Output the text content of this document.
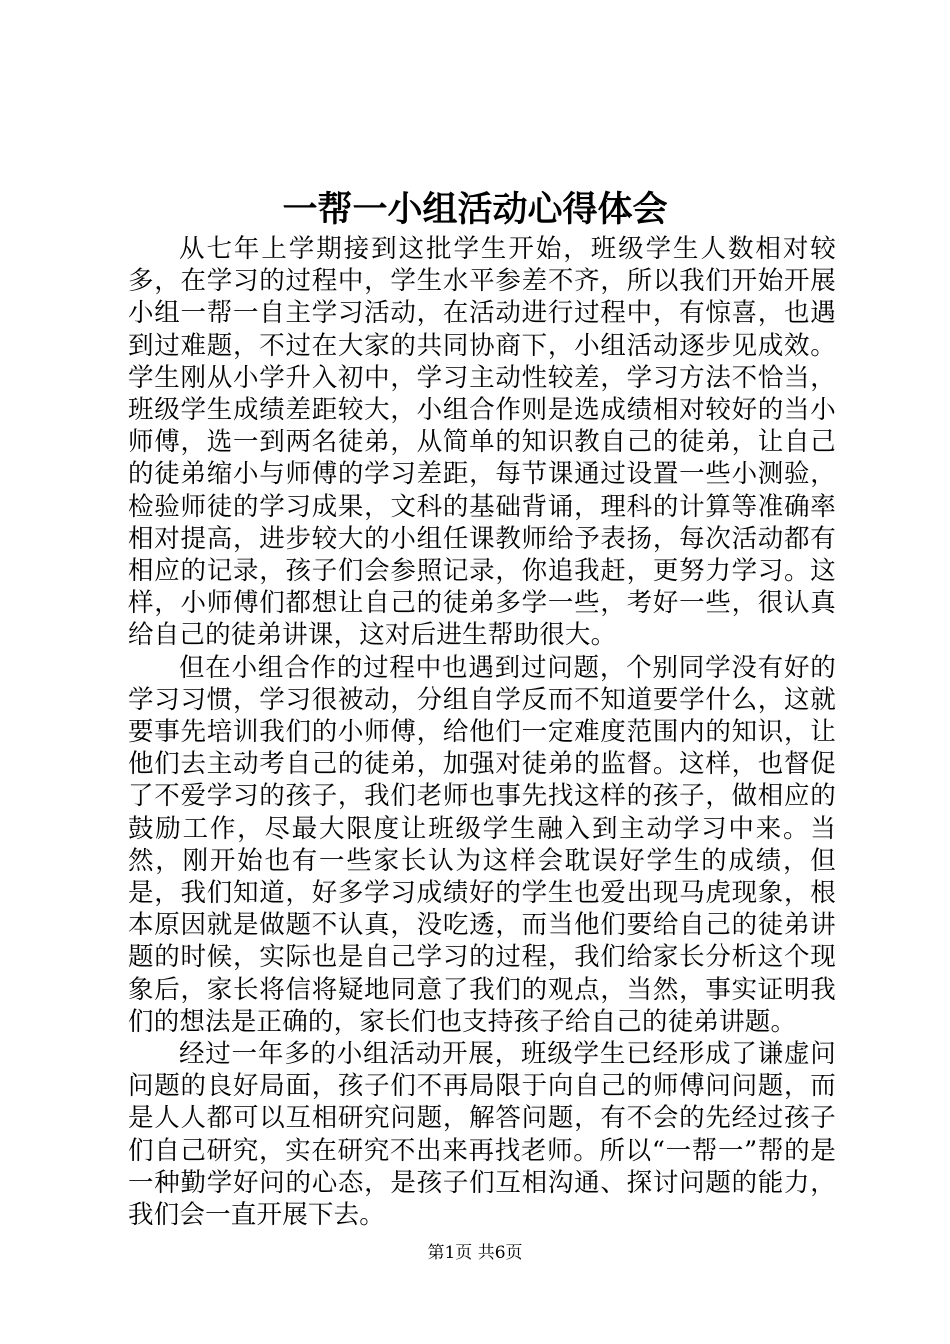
一帮一小组活动心得体会

从七年上学期接到这批学生开始，班级学生人数相对较多，在学习的过程中，学生水平参差不齐，所以我们开始开展小组一帮一自主学习活动，在活动进行过程中，有惊喜，也遇到过难题，不过在大家的共同协商下，小组活动逐步见成效。学生刚从小学升入初中，学习主动性较差，学习方法不恰当，班级学生成绩差距较大，小组合作则是选成绩相对较好的当小师傅，选一到两名徒弟，从简单的知识教自己的徒弟，让自己的徒弟缩小与师傅的学习差距，每节课通过设置一些小测验，检验师徒的学习成果，文科的基础背诵，理科的计算等准确率相对提高，进步较大的小组任课教师给予表扬，每次活动都有相应的记录，孩子们会参照记录，你追我赶，更努力学习。这样，小师傅们都想让自己的徒弟多学一些，考好一些，很认真给自己的徒弟讲课，这对后进生帮助很大。

但在小组合作的过程中也遇到过问题，个别同学没有好的学习习惯，学习很被动，分组自学反而不知道要学什么，这就要事先培训我们的小师傅，给他们一定难度范围内的知识，让他们去主动考自己的徒弟，加强对徒弟的监督。这样，也督促了不爱学习的孩子，我们老师也事先找这样的孩子，做相应的鼓励工作，尽最大限度让班级学生融入到主动学习中来。当然，刚开始也有一些家长认为这样会耽误好学生的成绩，但是，我们知道，好多学习成绩好的学生也爱出现马虎现象，根本原因就是做题不认真，没吃透，而当他们要给自己的徒弟讲题的时候，实际也是自己学习的过程，我们给家长分析这个现象后，家长将信将疑地同意了我们的观点，当然，事实证明我们的想法是正确的，家长们也支持孩子给自己的徒弟讲题。

经过一年多的小组活动开展，班级学生已经形成了谦虚问问题的良好局面，孩子们不再局限于向自己的师傅问问题，而是人人都可以互相研究问题，解答问题，有不会的先经过孩子们自己研究，实在研究不出来再找老师。所以“一帮一”帮的是一种勤学好问的心态，是孩子们互相沟通、探讨问题的能力，我们会一直开展下去。

第1页 共6页
